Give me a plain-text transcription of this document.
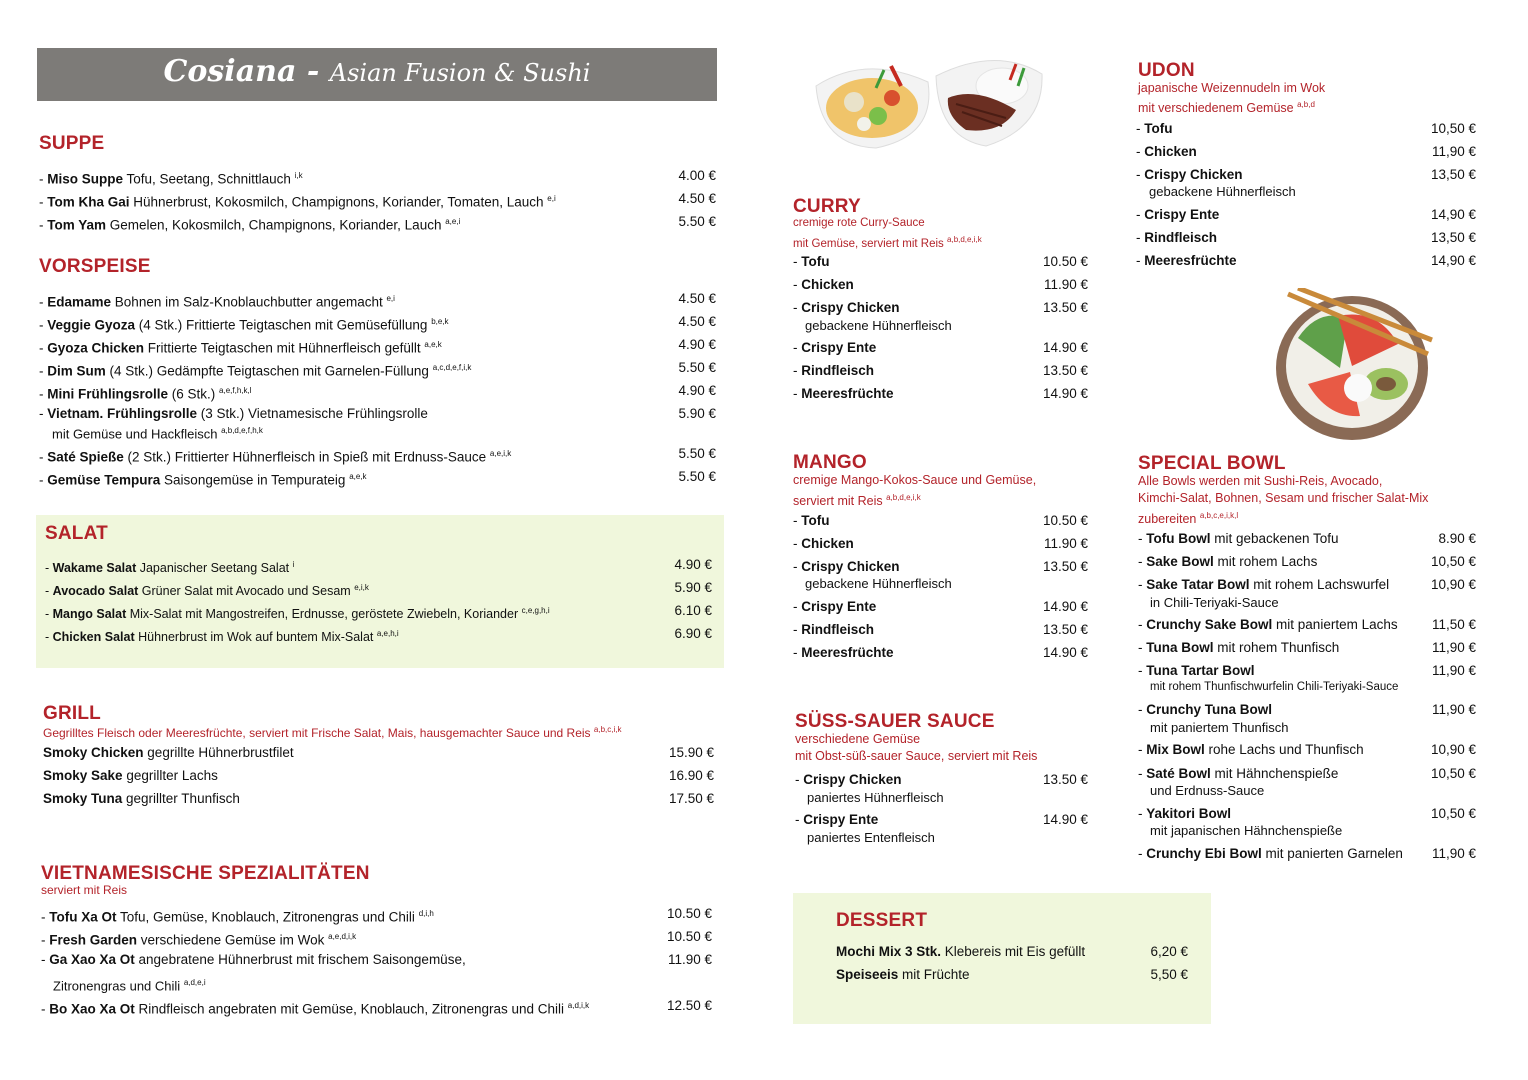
Cosiana - Asian Fusion & Sushi
SUPPE
- Miso Suppe Tofu, Seetang, Schnittlauch $^{i,k}$	4.00 €
- Tom Kha Gai Hühnerbrust, Kokosmilch, Champignons, Koriander, Tomaten, Lauch $^{e,i}$	4.50 €
- Tom Yam Gemelen, Kokosmilch, Champignons, Koriander, Lauch $^{a,e,i}$	5.50 €
VORSPEISE
- Edamame Bohnen im Salz-Knoblauchbutter angemacht $^{e,i}$	4.50 €
- Veggie Gyoza (4 Stk.) Frittierte Teigtaschen mit Gemüsefüllung $^{b,e,k}$	4.50 €
- Gyoza Chicken Frittierte Teigtaschen mit Hühnerfleisch gefüllt $^{a,e,k}$	4.90 €
- Dim Sum (4 Stk.) Gedämpfte Teigtaschen mit Garnelen-Füllung $^{a,c,d,e,f,i,k}$	5.50 €
- Mini Frühlingsrolle (6 Stk.) $^{a,e,f,h,k,l}$	4.90 €
- Vietnam. Frühlingsrolle (3 Stk.) Vietnamesische Frühlingsrolle
mit Gemüse und Hackfleisch $^{a,b,d,e,f,h,k}$
5.90 €
- Saté Spieße (2 Stk.) Frittierter Hühnerfleisch in Spieß mit Erdnuss-Sauce $^{a,e,i,k}$	5.50 €
- Gemüse Tempura Saisongemüse in Tempurateig $^{a,e,k}$	5.50 €
SALAT
- Wakame Salat Japanischer Seetang Salat $^i$	4.90 €
- Avocado Salat Grüner Salat mit Avocado und Sesam $^{e,i,k}$	5.90 €
- Mango Salat Mix-Salat mit Mangostreifen, Erdnusse, geröstete Zwiebeln, Koriander $^{c,e,g,h,i}$	6.10 €
- Chicken Salat Hühnerbrust im Wok auf buntem Mix-Salat $^{a,e,h,i}$	6.90 €
GRILL
Gegrilltes Fleisch oder Meeresfrüchte, serviert mit Frische Salat, Mais, hausgemachter Sauce und Reis $^{a,b,c,i,k}$
Smoky Chicken gegrillte Hühnerbrustfilet	15.90 €
Smoky Sake gegrillter Lachs	16.90 €
Smoky Tuna gegrillter Thunfisch	17.50 €
VIETNAMESISCHE SPEZIALITÄTEN
serviert mit Reis
- Tofu Xa Ot Tofu, Gemüse, Knoblauch, Zitronengras und Chili $^{d,i,h}$	10.50 €
- Fresh Garden verschiedene Gemüse im Wok $^{a,e,d,i,k}$	10.50 €
- Ga Xao Xa Ot angebratene Hühnerbrust mit frischem Saisongemüse,
Zitronengras und Chili $^{a,d,e,i}$
11.90 €
- Bo Xao Xa Ot Rindfleisch angebraten mit Gemüse, Knoblauch, Zitronengras und Chili $^{a,d,i,k}$	12.50 €
CURRY
cremige rote Curry-Sauce
mit Gemüse, serviert mit Reis $^{a,b,d,e,i,k}$
- Tofu	10.50 €
- Chicken	11.90 €
- Crispy Chicken
gebackene Hühnerfleisch
13.50 €
- Crispy Ente	14.90 €
- Rindfleisch	13.50 €
- Meeresfrüchte	14.90 €
MANGO
cremige Mango-Kokos-Sauce und Gemüse,
serviert mit Reis $^{a,b,d,e,i,k}$
- Tofu	10.50 €
- Chicken	11.90 €
- Crispy Chicken
gebackene Hühnerfleisch
13.50 €
- Crispy Ente	14.90 €
- Rindfleisch	13.50 €
- Meeresfrüchte	14.90 €
SÜSS-SAUER SAUCE
verschiedene Gemüse
mit Obst-süß-sauer Sauce, serviert mit Reis
- Crispy Chicken
paniertes Hühnerfleisch
13.50 €
- Crispy Ente
paniertes Entenfleisch
14.90 €
DESSERT
Mochi Mix 3 Stk. Klebereis mit Eis gefüllt	6,20 €
Speiseeis mit Früchte	5,50 €
UDON
japanische Weizennudeln im Wok
mit verschiedenem Gemüse $^{a,b,d}$
- Tofu	10,50 €
- Chicken	11,90 €
- Crispy Chicken
gebackene Hühnerfleisch
13,50 €
- Crispy Ente	14,90 €
- Rindfleisch	13,50 €
- Meeresfrüchte	14,90 €
SPECIAL BOWL
Alle Bowls werden mit Sushi-Reis, Avocado,
Kimchi-Salat, Bohnen, Sesam und frischer Salat-Mix
zubereiten $^{a,b,c,e,i,k,l}$
- Tofu Bowl mit gebackenen Tofu	8.90 €
- Sake Bowl mit rohem Lachs	10,50 €
- Sake Tatar Bowl mit rohem Lachswurfel
in Chili-Teriyaki-Sauce
10,90 €
- Crunchy Sake Bowl mit paniertem Lachs	11,50 €
- Tuna Bowl mit rohem Thunfisch	11,90 €
- Tuna Tartar Bowl
mit rohem Thunfischwurfelin Chili-Teriyaki-Sauce
11,90 €
- Crunchy Tuna Bowl
mit paniertem Thunfisch
11,90 €
- Mix Bowl rohe Lachs und Thunfisch	10,90 €
- Saté Bowl mit Hähnchenspieße
und Erdnuss-Sauce
10,50 €
- Yakitori Bowl
mit japanischen Hähnchenspieße
10,50 €
- Crunchy Ebi Bowl mit panierten Garnelen	11,90 €
